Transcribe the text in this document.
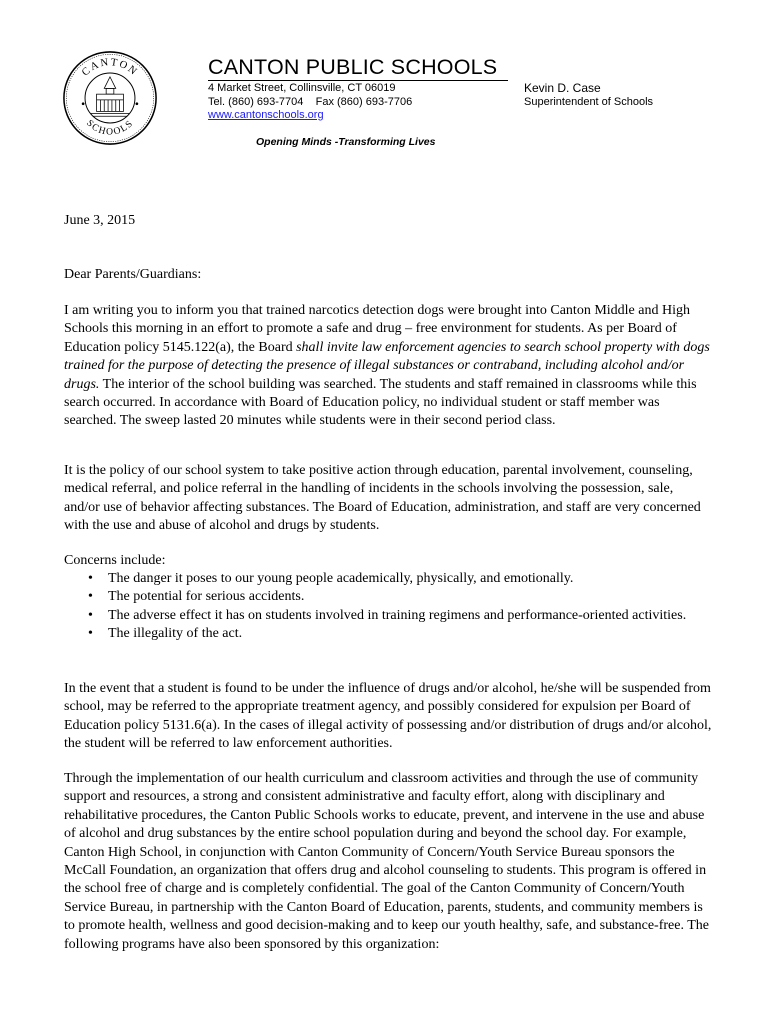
CANTON
SCHOOLS
CANTON PUBLIC SCHOOLS
4 Market Street, Collinsville, CT 06019
Tel. (860) 693-7704    Fax (860) 693-7706
www.cantonschools.org
Kevin D. Case
Superintendent of Schools
Opening Minds -Transforming Lives
June 3, 2015
Dear Parents/Guardians:

I am writing you to inform you that trained narcotics detection dogs were brought into Canton Middle and High Schools this morning in an effort to promote a safe and drug – free environment for students. As per Board of Education policy 5145.122(a), the Board shall invite law enforcement agencies to search school property with dogs trained for the purpose of detecting the presence of illegal substances or contraband, including alcohol and/or drugs. The interior of the school building was searched. The students and staff remained in classrooms while this search occurred. In accordance with Board of Education policy, no individual student or staff member was searched. The sweep lasted 20 minutes while students were in their second period class.

It is the policy of our school system to take positive action through education, parental involvement, counseling, medical referral, and police referral in the handling of incidents in the schools involving the possession, sale, and/or use of behavior affecting substances. The Board of Education, administration, and staff are very concerned with the use and abuse of alcohol and drugs by students.

Concerns include:
• The danger it poses to our young people academically, physically, and emotionally.
• The potential for serious accidents.
• The adverse effect it has on students involved in training regimens and performance-oriented activities.
• The illegality of the act.

In the event that a student is found to be under the influence of drugs and/or alcohol, he/she will be suspended from school, may be referred to the appropriate treatment agency, and possibly considered for expulsion per Board of Education policy 5131.6(a). In the cases of illegal activity of possessing and/or distribution of drugs and/or alcohol, the student will be referred to law enforcement authorities.

Through the implementation of our health curriculum and classroom activities and through the use of community support and resources, a strong and consistent administrative and faculty effort, along with disciplinary and rehabilitative procedures, the Canton Public Schools works to educate, prevent, and intervene in the use and abuse of alcohol and drug substances by the entire school population during and beyond the school day. For example, Canton High School, in conjunction with Canton Community of Concern/Youth Service Bureau sponsors the McCall Foundation, an organization that offers drug and alcohol counseling to students. This program is offered in the school free of charge and is completely confidential. The goal of the Canton Community of Concern/Youth Service Bureau, in partnership with the Canton Board of Education, parents, students, and community members is to promote health, wellness and good decision-making and to keep our youth healthy, safe, and substance-free. The following programs have also been sponsored by this organization:
